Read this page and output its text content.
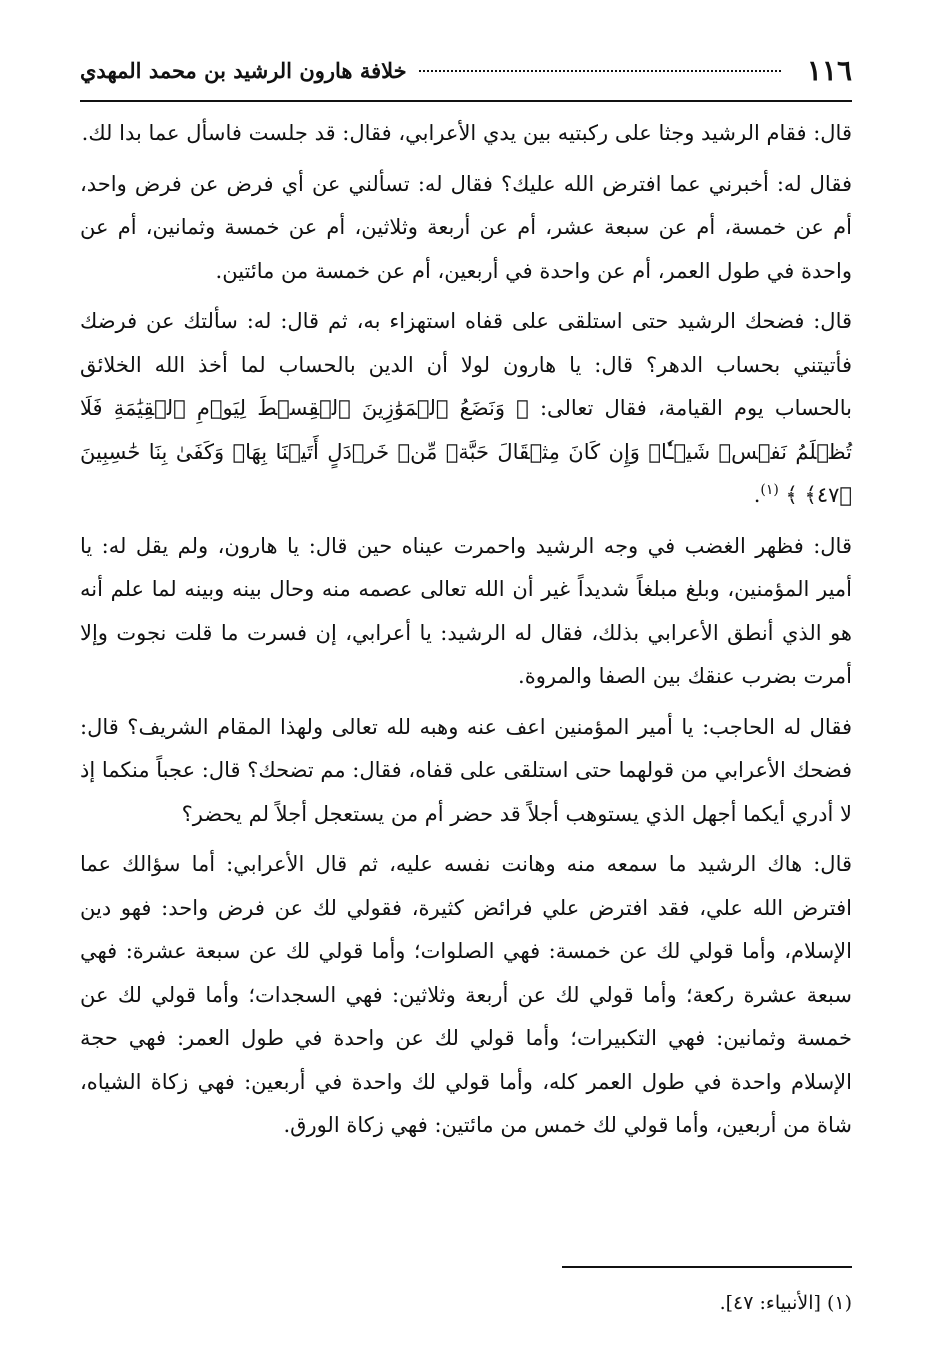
١١٦
خلافة هارون الرشيد بن محمد المهدي

قال: فقام الرشيد وجثا على ركبتيه بين يدي الأعرابي، فقال: قد جلست فاسأل عما بدا لك.

فقال له: أخبرني عما افترض الله عليك؟ فقال له: تسألني عن أي فرض عن فرض واحد، أم عن خمسة، أم عن سبعة عشر، أم عن أربعة وثلاثين، أم عن خمسة وثمانين، أم عن واحدة في طول العمر، أم عن واحدة في أربعين، أم عن خمسة من مائتين.

قال: فضحك الرشيد حتى استلقى على قفاه استهزاء به، ثم قال: له: سألتك عن فرضك فأتيتني بحساب الدهر؟ قال: يا هارون لولا أن الدين بالحساب لما أخذ الله الخلائق بالحساب يوم القيامة، فقال تعالى: ﴿ وَنَضَعُ ٱلۡمَوَٰزِينَ ٱلۡقِسۡطَ لِيَوۡمِ ٱلۡقِيَٰمَةِ فَلَا تُظۡلَمُ نَفۡسٞ شَيۡـٔٗاۖ وَإِن كَانَ مِثۡقَالَ حَبَّةٖ مِّنۡ خَرۡدَلٍ أَتَيۡنَا بِهَاۗ وَكَفَىٰ بِنَا حَٰسِبِينَ ﴿٤٧﴾ ﴾ $^{(١)}$.

قال: فظهر الغضب في وجه الرشيد واحمرت عيناه حين قال: يا هارون، ولم يقل له: يا أمير المؤمنين، وبلغ مبلغاً شديداً غير أن الله تعالى عصمه منه وحال بينه وبينه لما علم أنه هو الذي أنطق الأعرابي بذلك، فقال له الرشيد: يا أعرابي، إن فسرت ما قلت نجوت وإلا أمرت بضرب عنقك بين الصفا والمروة.

فقال له الحاجب: يا أمير المؤمنين اعف عنه وهبه لله تعالى ولهذا المقام الشريف؟ قال: فضحك الأعرابي من قولهما حتى استلقى على قفاه، فقال: مم تضحك؟ قال: عجباً منكما إذ لا أدري أيكما أجهل الذي يستوهب أجلاً قد حضر أم من يستعجل أجلاً لم يحضر؟

قال: هاك الرشيد ما سمعه منه وهانت نفسه عليه، ثم قال الأعرابي: أما سؤالك عما افترض الله علي، فقد افترض علي فرائض كثيرة، فقولي لك عن فرض واحد: فهو دين الإسلام، وأما قولي لك عن خمسة: فهي الصلوات؛ وأما قولي لك عن سبعة عشرة: فهي سبعة عشرة ركعة؛ وأما قولي لك عن أربعة وثلاثين: فهي السجدات؛ وأما قولي لك عن خمسة وثمانين: فهي التكبيرات؛ وأما قولي لك عن واحدة في طول العمر: فهي حجة الإسلام واحدة في طول العمر كله، وأما قولي لك واحدة في أربعين: فهي زكاة الشياه، شاة من أربعين، وأما قولي لك خمس من مائتين: فهي زكاة الورق.

(١) [الأنبياء: ٤٧].
